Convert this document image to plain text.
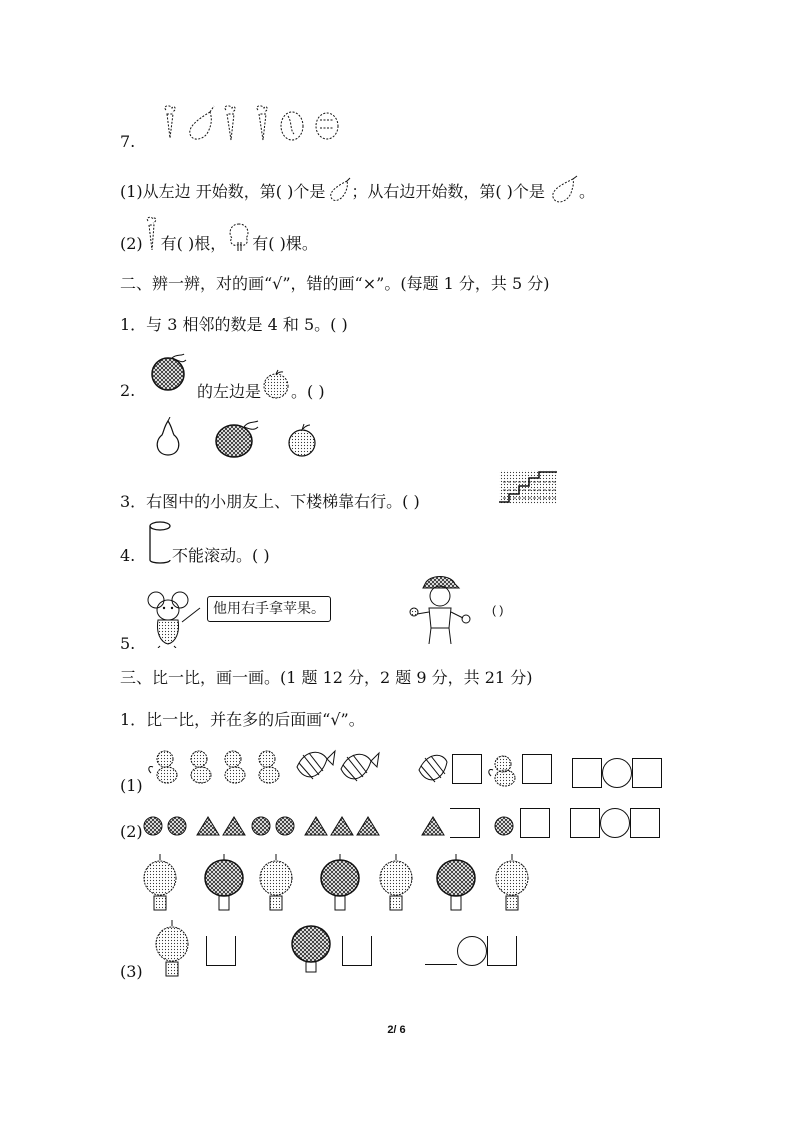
7.
(1)从左边 开始数，第( )个是 ；从右边开始数，第( )个是 。
(2) 有( )根， 有( )棵。
二、辨一辨，对的画“√”，错的画“×”。(每题 1 分，共 5 分)
1．与 3 相邻的数是 4 和 5。( )
2.	的左边是 。( )
3．右图中的小朋友上、下楼梯靠右行。( )
4. 不能滚动。( )
他用右手拿苹果。	( )
5.
三、比一比，画一画。(1 题 12 分，2 题 9 分，共 21 分)
1．比一比，并在多的后面画“√”。
(1)
(2)
(3)
2/ 6
